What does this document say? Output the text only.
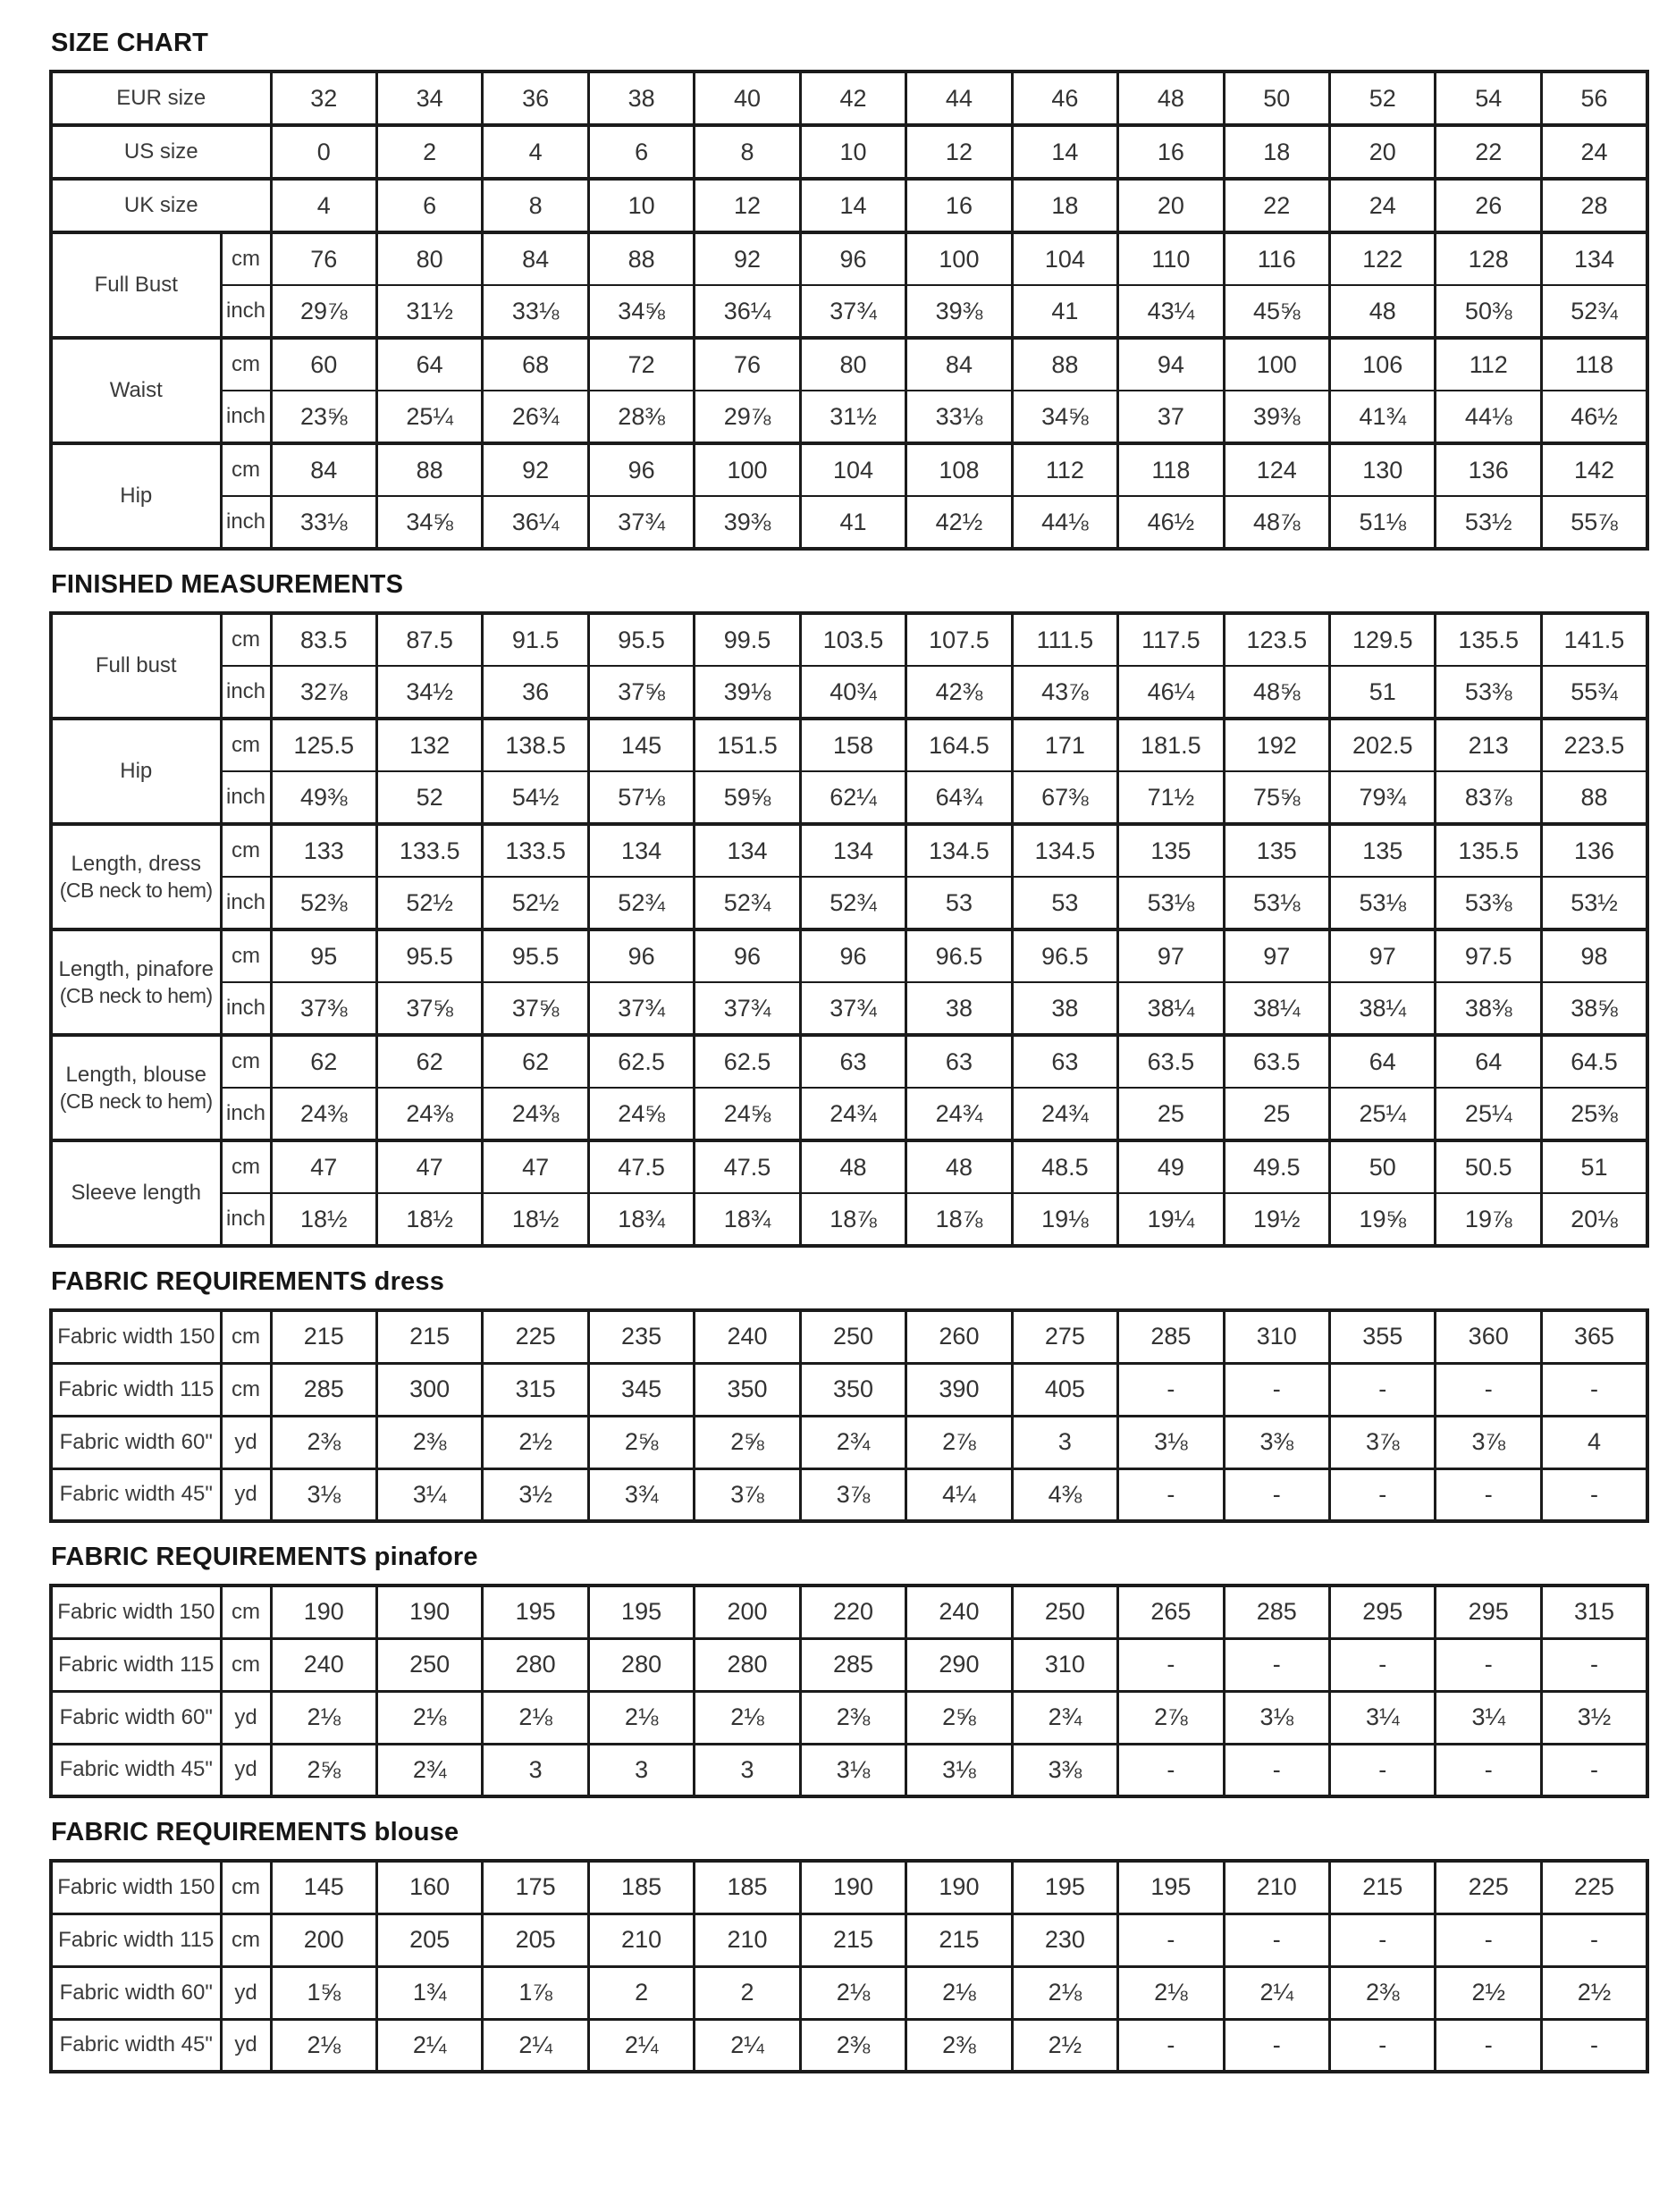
SIZE CHART
EUR size		32	34	36	38	40	42	44	46	48	50	52	54	56
US size		0	2	4	6	8	10	12	14	16	18	20	22	24
UK size		4	6	8	10	12	14	16	18	20	22	24	26	28

Full Bust	cm	76	80	84	88	92	96	100	104	110	116	122	128	134
	inch	29⅞	31½	33⅛	34⅝	36¼	37¾	39⅜	41	43¼	45⅝	48	50⅜	52¾

Waist	cm	60	64	68	72	76	80	84	88	94	100	106	112	118
	inch	23⅝	25¼	26¾	28⅜	29⅞	31½	33⅛	34⅝	37	39⅜	41¾	44⅛	46½

Hip	cm	84	88	92	96	100	104	108	112	118	124	130	136	142
	inch	33⅛	34⅝	36¼	37¾	39⅜	41	42½	44⅛	46½	48⅞	51⅛	53½	55⅞
FINISHED MEASUREMENTS
Full bust	cm	83.5	87.5	91.5	95.5	99.5	103.5	107.5	111.5	117.5	123.5	129.5	135.5	141.5
	inch	32⅞	34½	36	37⅝	39⅛	40¾	42⅜	43⅞	46¼	48⅝	51	53⅜	55¾

Hip	cm	125.5	132	138.5	145	151.5	158	164.5	171	181.5	192	202.5	213	223.5
	inch	49⅜	52	54½	57⅛	59⅝	62¼	64¾	67⅜	71½	75⅝	79¾	83⅞	88

Length, dress
(CB neck to hem)	cm	133	133.5	133.5	134	134	134	134.5	134.5	135	135	135	135.5	136
	inch	52⅜	52½	52½	52¾	52¾	52¾	53	53	53⅛	53⅛	53⅛	53⅜	53½

Length, pinafore
(CB neck to hem)	cm	95	95.5	95.5	96	96	96	96.5	96.5	97	97	97	97.5	98
	inch	37⅜	37⅝	37⅝	37¾	37¾	37¾	38	38	38¼	38¼	38¼	38⅜	38⅝

Length, blouse
(CB neck to hem)	cm	62	62	62	62.5	62.5	63	63	63	63.5	63.5	64	64	64.5
	inch	24⅜	24⅜	24⅜	24⅝	24⅝	24¾	24¾	24¾	25	25	25¼	25¼	25⅜

Sleeve length	cm	47	47	47	47.5	47.5	48	48	48.5	49	49.5	50	50.5	51
	inch	18½	18½	18½	18¾	18¾	18⅞	18⅞	19⅛	19¼	19½	19⅝	19⅞	20⅛
FABRIC REQUIREMENTS dress
Fabric width 150	cm	215	215	225	235	240	250	260	275	285	310	355	360	365
Fabric width 115	cm	285	300	315	345	350	350	390	405	-	-	-	-	-
Fabric width 60"	yd	2⅜	2⅜	2½	2⅝	2⅝	2¾	2⅞	3	3⅛	3⅜	3⅞	3⅞	4
Fabric width 45"	yd	3⅛	3¼	3½	3¾	3⅞	3⅞	4¼	4⅜	-	-	-	-	-
FABRIC REQUIREMENTS pinafore
Fabric width 150	cm	190	190	195	195	200	220	240	250	265	285	295	295	315
Fabric width 115	cm	240	250	280	280	280	285	290	310	-	-	-	-	-
Fabric width 60"	yd	2⅛	2⅛	2⅛	2⅛	2⅛	2⅜	2⅝	2¾	2⅞	3⅛	3¼	3¼	3½
Fabric width 45"	yd	2⅝	2¾	3	3	3	3⅛	3⅛	3⅜	-	-	-	-	-
FABRIC REQUIREMENTS blouse
Fabric width 150	cm	145	160	175	185	185	190	190	195	195	210	215	225	225
Fabric width 115	cm	200	205	205	210	210	215	215	230	-	-	-	-	-
Fabric width 60"	yd	1⅝	1¾	1⅞	2	2	2⅛	2⅛	2⅛	2⅛	2¼	2⅜	2½	2½
Fabric width 45"	yd	2⅛	2¼	2¼	2¼	2¼	2⅜	2⅜	2½	-	-	-	-	-
